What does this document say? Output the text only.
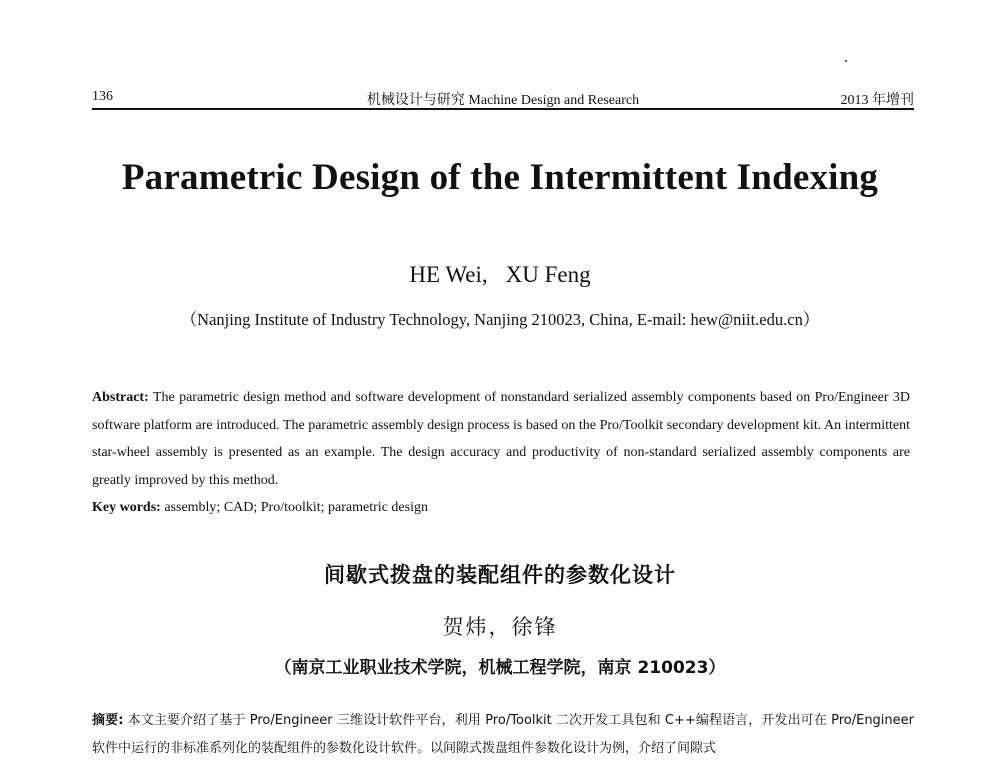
136	机械设计与研究 Machine Design and Research	2013 年增刊
Parametric Design of the Intermittent Indexing
HE Wei, XU Feng
（Nanjing Institute of Industry Technology, Nanjing 210023, China, E-mail: hew@niit.edu.cn）
Abstract: The parametric design method and software development of nonstandard serialized assembly components based on Pro/Engineer 3D software platform are introduced. The parametric assembly design process is based on the Pro/Toolkit secondary development kit. An intermittent star-wheel assembly is presented as an example. The design accuracy and productivity of non-standard serialized assembly components are greatly improved by this method.
Key words: assembly; CAD; Pro/toolkit; parametric design
间歇式拨盘的装配组件的参数化设计
贺炜，徐锋
（南京工业职业技术学院，机械工程学院，南京 210023）
摘要: 本文主要介绍了基于 Pro/Engineer 三维设计软件平台，利用 Pro/Toolkit 二次开发工具包和 C++编程语言，开发出可在 Pro/Engineer 软件中运行的非标准系列化的装配组件的参数化设计软件。以间隙式拨盘组件参数化设计为例，介绍了间隙式
